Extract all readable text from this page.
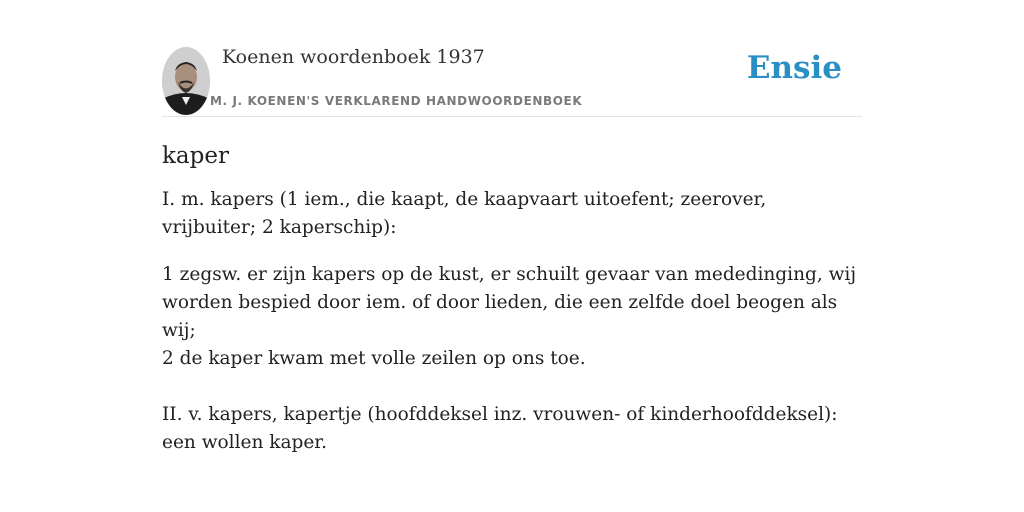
Koenen woordenboek 1937
M. J. KOENEN'S VERKLAREND HANDWOORDENBOEK
Ensie
kaper

I. m. kapers (1 iem., die kaapt, de kaapvaart uitoefent; zeerover, vrijbuiter; 2 kaperschip):

1 zegsw. er zijn kapers op de kust, er schuilt gevaar van mededinging, wij worden bespied door iem. of door lieden, die een zelfde doel beogen als wij;

2 de kaper kwam met volle zeilen op ons toe.

II. v. kapers, kapertje (hoofddeksel inz. vrouwen- of kinderhoofddeksel): een wollen kaper.
